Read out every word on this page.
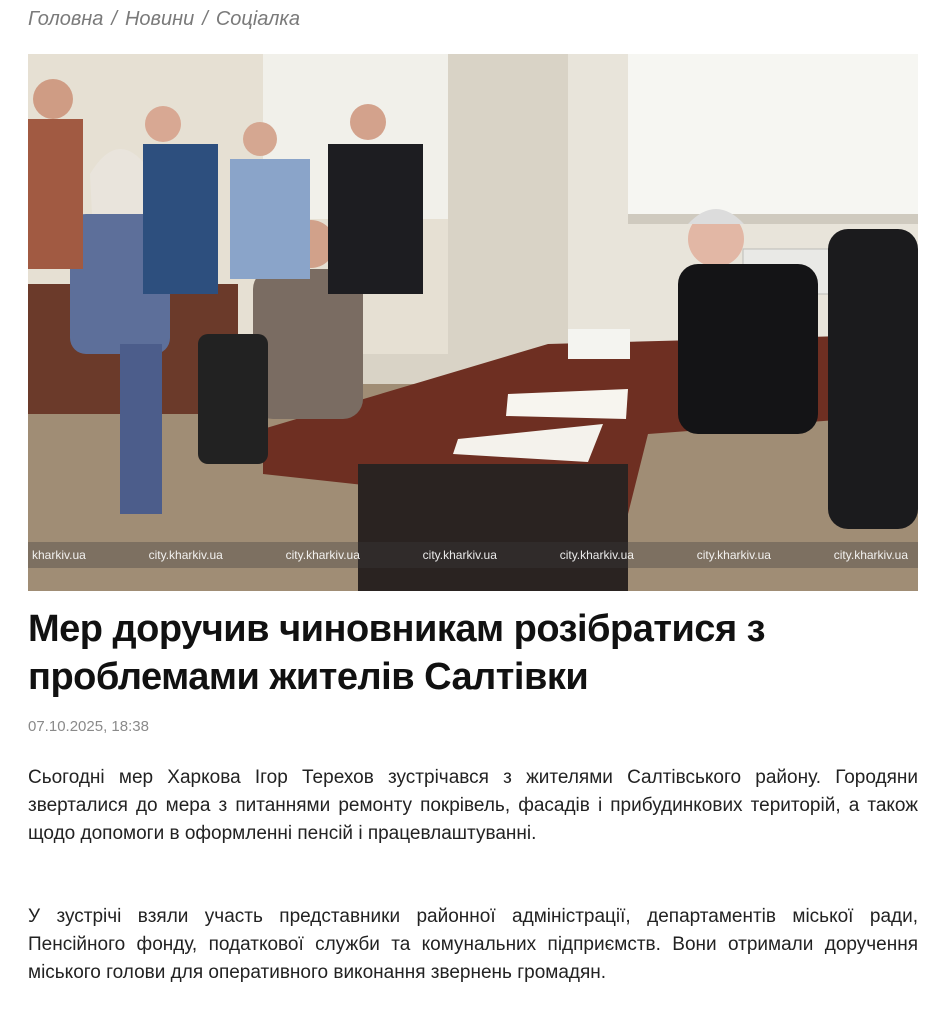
Головна / Новини / Соціалка
kharkiv.ua	city.kharkiv.ua	city.kharkiv.ua	city.kharkiv.ua	city.kharkiv.ua	city.kharkiv.ua	city.kharkiv.ua
Мер доручив чиновникам розібратися з проблемами жителів Салтівки
07.10.2025, 18:38

Сьогодні мер Харкова Ігор Терехов зустрічався з жителями Салтівського району. Городяни зверталися до мера з питаннями ремонту покрівель, фасадів і прибудинкових територій, а також щодо допомоги в оформленні пенсій і працевлаштуванні.

У зустрічі взяли участь представники районної адміністрації, департаментів міської ради, Пенсійного фонду, податкової служби та комунальних підприємств. Вони отримали доручення міського голови для оперативного виконання звернень громадян.
